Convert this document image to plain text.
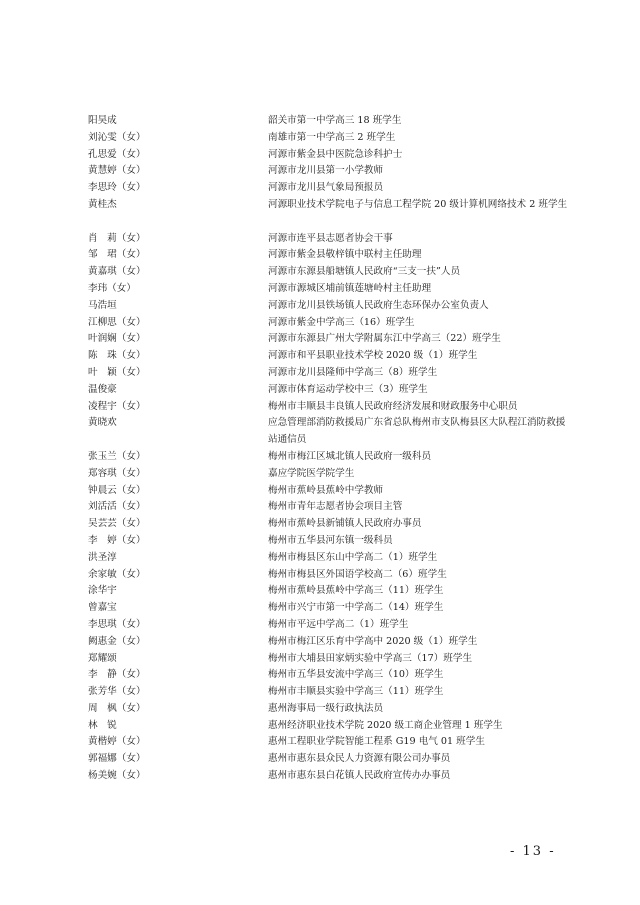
阳昊成	韶关市第一中学高三 18 班学生
刘沁雯（女）	南雄市第一中学高三 2 班学生
孔思爱（女）	河源市紫金县中医院急诊科护士
黄慧婷（女）	河源市龙川县第一小学教师
李思玲（女）	河源市龙川县气象局预报员
黄桂杰	河源职业技术学院电子与信息工程学院 20 级计算机网络技术 2 班学生
肖　莉（女）	河源市连平县志愿者协会干事
邹　珺（女）	河源市紫金县敬梓镇中联村主任助理
黄嘉琪（女）	河源市东源县船塘镇人民政府“三支一扶”人员
李玮（女）	河源市源城区埔前镇莲塘岭村主任助理
马浩垣	河源市龙川县铁场镇人民政府生态环保办公室负责人
江柳思（女）	河源市紫金中学高三（16）班学生
叶润娴（女）	河源市东源县广州大学附属东江中学高三（22）班学生
陈　珠（女）	河源市和平县职业技术学校 2020 级（1）班学生
叶　颖（女）	河源市龙川县隆师中学高三（8）班学生
温俊豪	河源市体育运动学校中三（3）班学生
凌程宇（女）	梅州市丰顺县丰良镇人民政府经济发展和财政服务中心职员
黄晓欢	应急管理部消防救援局广东省总队梅州市支队梅县区大队程江消防救援站通信员
张玉兰（女）	梅州市梅江区城北镇人民政府一级科员
郑容琪（女）	嘉应学院医学院学生
钟晨云（女）	梅州市蕉岭县蕉岭中学教师
刘活活（女）	梅州市青年志愿者协会项目主管
吴芸芸（女）	梅州市蕉岭县新铺镇人民政府办事员
李　婷（女）	梅州市五华县河东镇一级科员
洪圣淳	梅州市梅县区东山中学高二（1）班学生
余家敏（女）	梅州市梅县区外国语学校高二（6）班学生
涂华宇	梅州市蕉岭县蕉岭中学高三（11）班学生
曾嘉宝	梅州市兴宁市第一中学高二（14）班学生
李思琪（女）	梅州市平远中学高二（1）班学生
阙惠金（女）	梅州市梅江区乐育中学高中 2020 级（1）班学生
郑耀颂	梅州市大埔县田家炳实验中学高三（17）班学生
李　静（女）	梅州市五华县安流中学高三（10）班学生
张芳华（女）	梅州市丰顺县实验中学高三（11）班学生
周　枫（女）	惠州海事局一级行政执法员
林　锐	惠州经济职业技术学院 2020 级工商企业管理 1 班学生
黄楷婷（女）	惠州工程职业学院智能工程系 G19 电气 01 班学生
郭福娜（女）	惠州市惠东县众民人力资源有限公司办事员
杨美婉（女）	惠州市惠东县白花镇人民政府宣传办办事员
- 13 -
